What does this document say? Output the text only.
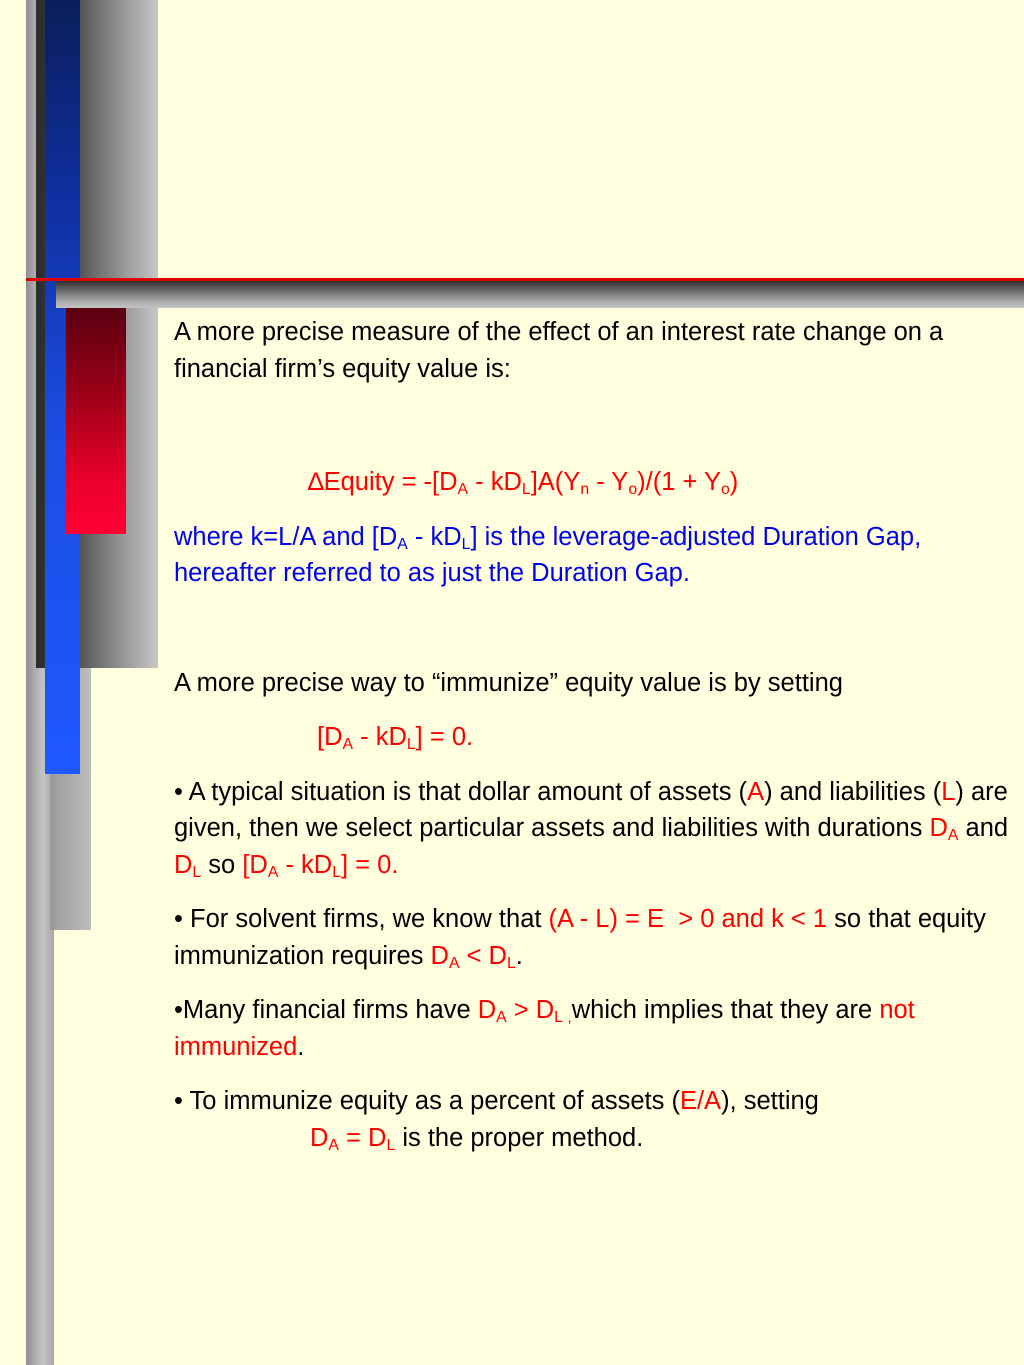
A more precise measure of the effect of an interest rate change on a financial firm’s equity value is:

∆Equity = $-[D_A - kD_L]A(Y_n - Y_o)/(1 + Y_o)$

where k=L/A and $[D_A - kD_L]$ is the leverage-adjusted Duration Gap, hereafter referred to as just the Duration Gap.

A more precise way to “immunize” equity value is by setting

$[D_A - kD_L] = 0$.

• A typical situation is that dollar amount of assets (A) and liabilities (L) are given, then we select particular assets and liabilities with durations $D_A$ and $D_L$ so $[D_A - kD_L] = 0$.

• For solvent firms, we know that (A - L) = E  > 0 and k < 1 so that equity immunization requires $D_A < D_L$.

•Many financial firms have $D_A > D_L$ $_,$which implies that they are not immunized.

• To immunize equity as a percent of assets (E/A), setting

$D_A = D_L$ is the proper method.
